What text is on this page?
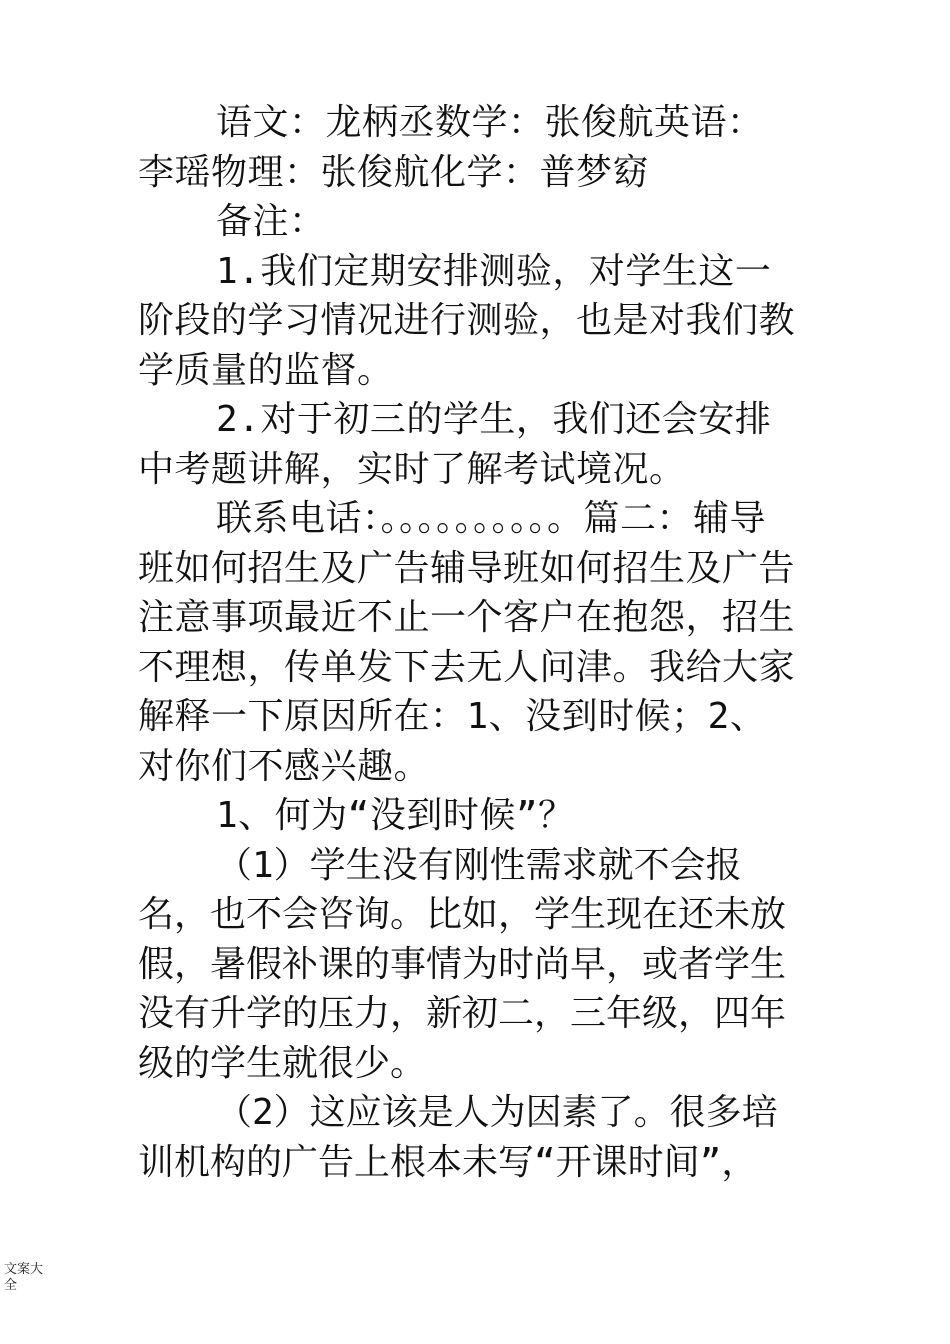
语文：龙柄丞数学：张俊航英语：李瑶物理：张俊航化学：普梦窈

备注：

1.我们定期安排测验，对学生这一阶段的学习情况进行测验，也是对我们教学质量的监督。

2.对于初三的学生，我们还会安排中考题讲解，实时了解考试境况。

联系电话：。。。。。。。。。。篇二：辅导班如何招生及广告辅导班如何招生及广告注意事项最近不止一个客户在抱怨，招生不理想，传单发下去无人问津。我给大家解释一下原因所在：1、没到时候；2、对你们不感兴趣。

1、何为“没到时候”？

（1）学生没有刚性需求就不会报名，也不会咨询。比如，学生现在还未放假，暑假补课的事情为时尚早，或者学生没有升学的压力，新初二，三年级，四年级的学生就很少。

（2）这应该是人为因素了。很多培训机构的广告上根本未写“开课时间”，

文案大全
